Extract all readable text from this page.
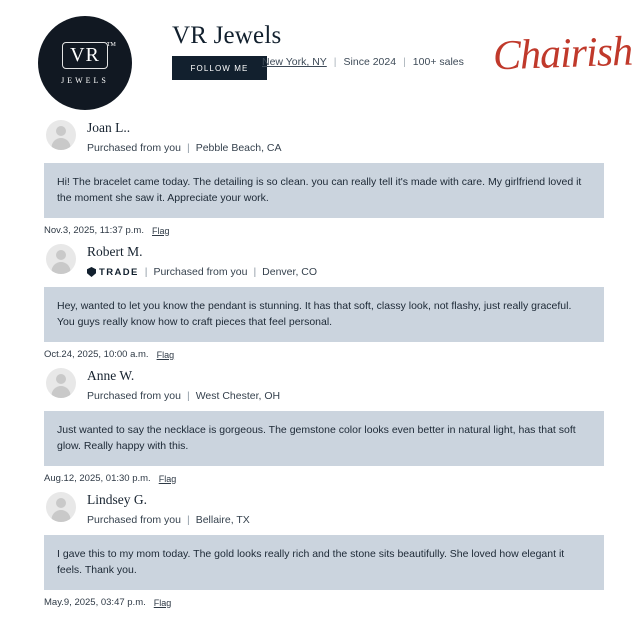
VR TM
JEWELS
VR Jewels
FOLLOW ME	New York, NY | Since 2024 | 100+ sales Chairish
Joan L..
Purchased from you | Pebble Beach, CA
Hi! The bracelet came today. The detailing is so clean. you can really tell it's made with care. My girlfriend loved it the moment she saw it. Appreciate your work.
Nov.3, 2025, 11:37 p.m. Flag
Robert M.
TRADE | Purchased from you | Denver, CO
Hey, wanted to let you know the pendant is stunning. It has that soft, classy look, not flashy, just really graceful. You guys really know how to craft pieces that feel personal.
Oct.24, 2025, 10:00 a.m. Flag
Anne W.
Purchased from you | West Chester, OH
Just wanted to say the necklace is gorgeous. The gemstone color looks even better in natural light, has that soft glow. Really happy with this.
Aug.12, 2025, 01:30 p.m. Flag
Lindsey G.
Purchased from you | Bellaire, TX
I gave this to my mom today. The gold looks really rich and the stone sits beautifully. She loved how elegant it feels. Thank you.
May.9, 2025, 03:47 p.m. Flag
